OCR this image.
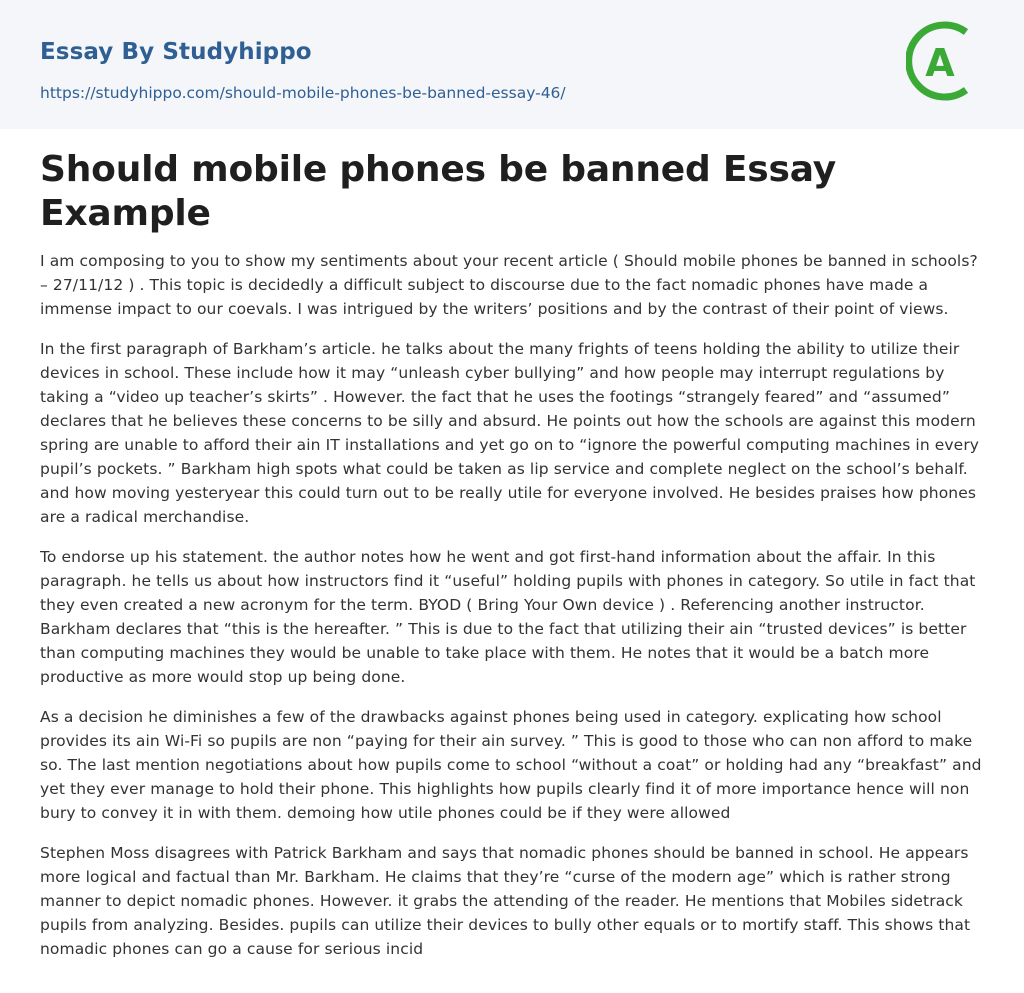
Essay By Studyhippo
https://studyhippo.com/should-mobile-phones-be-banned-essay-46/
A
Should mobile phones be banned Essay Example

I am composing to you to show my sentiments about your recent article ( Should mobile phones be banned in schools? – 27/11/12 ) . This topic is decidedly a difficult subject to discourse due to the fact nomadic phones have made a immense impact to our coevals. I was intrigued by the writers’ positions and by the contrast of their point of views.

In the first paragraph of Barkham’s article. he talks about the many frights of teens holding the ability to utilize their devices in school. These include how it may “unleash cyber bullying” and how people may interrupt regulations by taking a “video up teacher’s skirts” . However. the fact that he uses the footings “strangely feared” and “assumed” declares that he believes these concerns to be silly and absurd. He points out how the schools are against this modern spring are unable to afford their ain IT installations and yet go on to “ignore the powerful computing machines in every pupil’s pockets. ” Barkham high spots what could be taken as lip service and complete neglect on the school’s behalf. and how moving yesteryear this could turn out to be really utile for everyone involved. He besides praises how phones are a radical merchandise.

To endorse up his statement. the author notes how he went and got first-hand information about the affair. In this paragraph. he tells us about how instructors find it “useful” holding pupils with phones in category. So utile in fact that they even created a new acronym for the term. BYOD ( Bring Your Own device ) . Referencing another instructor. Barkham declares that “this is the hereafter. ” This is due to the fact that utilizing their ain “trusted devices” is better than computing machines they would be unable to take place with them. He notes that it would be a batch more productive as more would stop up being done.

As a decision he diminishes a few of the drawbacks against phones being used in category. explicating how school provides its ain Wi-Fi so pupils are non “paying for their ain survey. ” This is good to those who can non afford to make so. The last mention negotiations about how pupils come to school “without a coat” or holding had any “breakfast” and yet they ever manage to hold their phone. This highlights how pupils clearly find it of more importance hence will non bury to convey it in with them. demoing how utile phones could be if they were allowed

Stephen Moss disagrees with Patrick Barkham and says that nomadic phones should be banned in school. He appears more logical and factual than Mr. Barkham. He claims that they’re “curse of the modern age” which is rather strong manner to depict nomadic phones. However. it grabs the attending of the reader. He mentions that Mobiles sidetrack pupils from analyzing. Besides. pupils can utilize their devices to bully other equals or to mortify staff. This shows that nomadic phones can go a cause for serious incid
